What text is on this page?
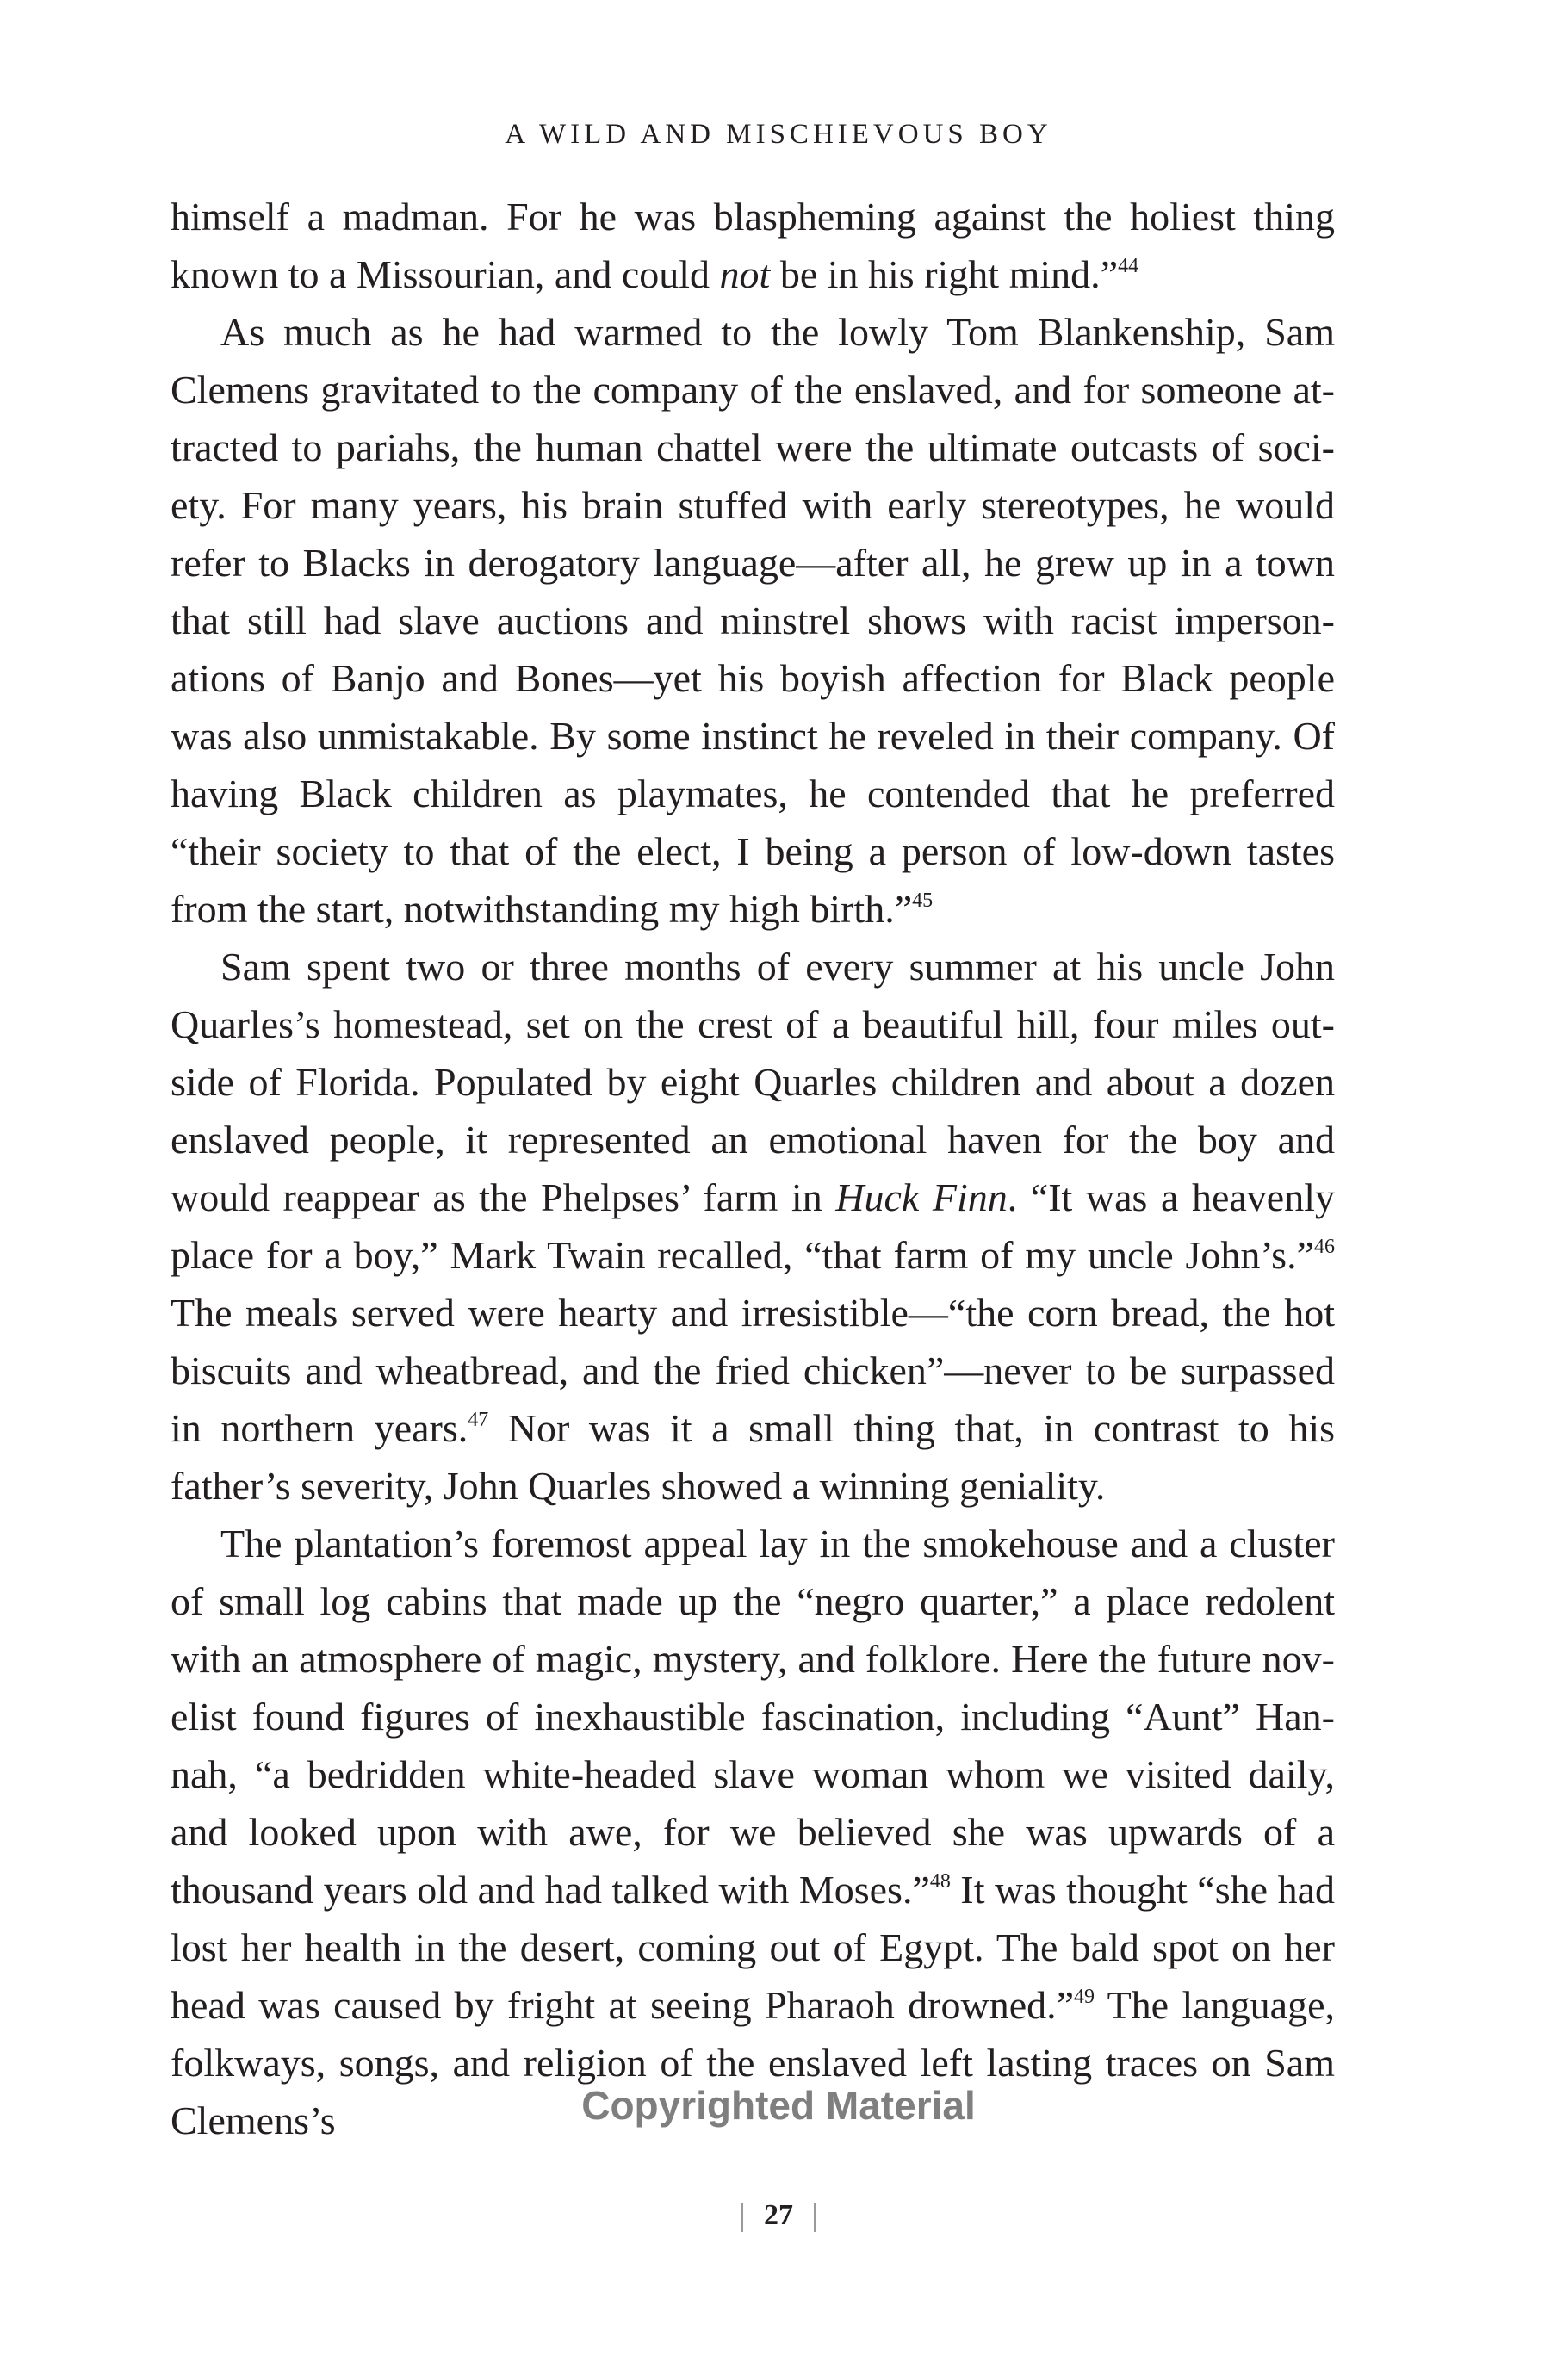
A WILD AND MISCHIEVOUS BOY

himself a madman. For he was blaspheming against the holiest thing known to a Missourian, and could not be in his right mind.”$^{44}$

As much as he had warmed to the lowly Tom Blankenship, Sam Clemens gravitated to the company of the enslaved, and for someone attracted to pariahs, the human chattel were the ultimate outcasts of society. For many years, his brain stuffed with early stereotypes, he would refer to Blacks in derogatory language—after all, he grew up in a town that still had slave auctions and minstrel shows with racist impersonations of Banjo and Bones—yet his boyish affection for Black people was also unmistakable. By some instinct he reveled in their company. Of having Black children as playmates, he contended that he preferred “their society to that of the elect, I being a person of low-down tastes from the start, notwithstanding my high birth.”$^{45}$

Sam spent two or three months of every summer at his uncle John Quarles’s homestead, set on the crest of a beautiful hill, four miles outside of Florida. Populated by eight Quarles children and about a dozen enslaved people, it represented an emotional haven for the boy and would reappear as the Phelpses’ farm in Huck Finn. “It was a heavenly place for a boy,” Mark Twain recalled, “that farm of my uncle John’s.”$^{46}$ The meals served were hearty and irresistible—“the corn bread, the hot biscuits and wheatbread, and the fried chicken”—never to be surpassed in northern years.$^{47}$ Nor was it a small thing that, in contrast to his father’s severity, John Quarles showed a winning geniality.

The plantation’s foremost appeal lay in the smokehouse and a cluster of small log cabins that made up the “negro quarter,” a place redolent with an atmosphere of magic, mystery, and folklore. Here the future novelist found figures of inexhaustible fascination, including “Aunt” Hannah, “a bedridden white-headed slave woman whom we visited daily, and looked upon with awe, for we believed she was upwards of a thousand years old and had talked with Moses.”$^{48}$ It was thought “she had lost her health in the desert, coming out of Egypt. The bald spot on her head was caused by fright at seeing Pharaoh drowned.”$^{49}$ The language, folkways, songs, and religion of the enslaved left lasting traces on Sam Clemens’s	Copyrighted Material
27
